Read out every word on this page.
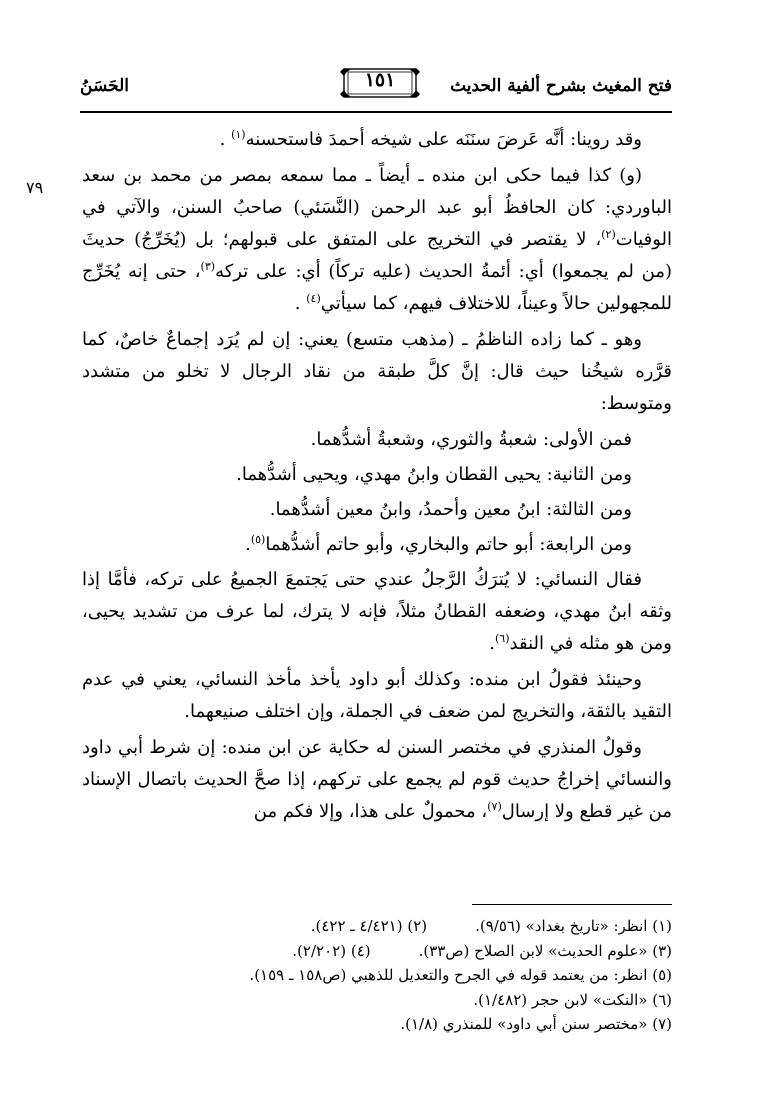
فتح المغيث بشرح ألفية الحديث
١٥١
الحَسَنُ
٧٩

وقد روينا: أنَّه عَرضَ سنَنَه على شيخه أحمدَ فاستحسنه$^{(١)}$ .

(و) كذا فيما حكى ابن منده ـ أيضاً ـ مما سمعه بمصر من محمد بن سعد الباوردي: كان الحافظُ أبو عبد الرحمن (النَّسَئي) صاحبُ السنن، والآتي في الوفيات$^{(٢)}$، لا يقتصر في التخريج على المتفق على قبولهم؛ بل (يُخَرِّجُ) حديثَ (من لم يجمعوا) أي: أئمةُ الحديث (عليه تركاً) أي: على تركه$^{(٣)}$، حتى إنه يُخَرِّج للمجهولين حالاً وعيناً، للاختلاف فيهم، كما سيأتي$^{(٤)}$ .

وهو ـ كما زاده الناظمُ ـ (مذهب متسع) يعني: إن لم يُرَد إجماعٌ خاصٌ، كما قرَّره شيخُنا حيث قال: إنَّ كلَّ طبقة من نقاد الرجال لا تخلو من متشدد ومتوسط:

فمن الأولى: شعبةُ والثوري، وشعبةُ أشدُّهما.

ومن الثانية: يحيى القطان وابنُ مهدي، ويحيى أشدُّهما.

ومن الثالثة: ابنُ معين وأحمدُ، وابنُ معين أشدُّهما.

ومن الرابعة: أبو حاتم والبخاري، وأبو حاتم أشدُّهما$^{(٥)}$.

فقال النسائي: لا يُترَكُ الرَّجلُ عندي حتى يَجتمعَ الجميعُ على تركه، فأمَّا إذا وثقه ابنُ مهدي، وضعفه القطانُ مثلاً، فإنه لا يترك، لما عرف من تشديد يحيى، ومن هو مثله في النقد$^{(٦)}$.

وحينئذ فقولُ ابن منده: وكذلك أبو داود يأخذ مأخذ النسائي، يعني في عدم التقيد بالثقة، والتخريج لمن ضعف في الجملة، وإن اختلف صنيعهما.

وقولُ المنذري في مختصر السنن له حكاية عن ابن منده: إن شرط أبي داود والنسائي إخراجُ حديث قوم لم يجمع على تركهم، إذا صحَّ الحديث باتصال الإسناد من غير قطع ولا إرسال$^{(٧)}$، محمولٌ على هذا، وإلا فكم من

(١) انظر: «تاريخ بغداد» (٩/٥٦).(٢) (٤/٤٢١ ـ ٤٢٢).
(٣) «علوم الحديث» لابن الصلاح (ص٣٣).(٤) (٢/٢٠٢).
(٥) انظر: من يعتمد قوله في الجرح والتعديل للذهبي (ص١٥٨ ـ ١٥٩).
(٦) «النكت» لابن حجر (١/٤٨٢).
(٧) «مختصر سنن أبي داود» للمنذري (١/٨).
